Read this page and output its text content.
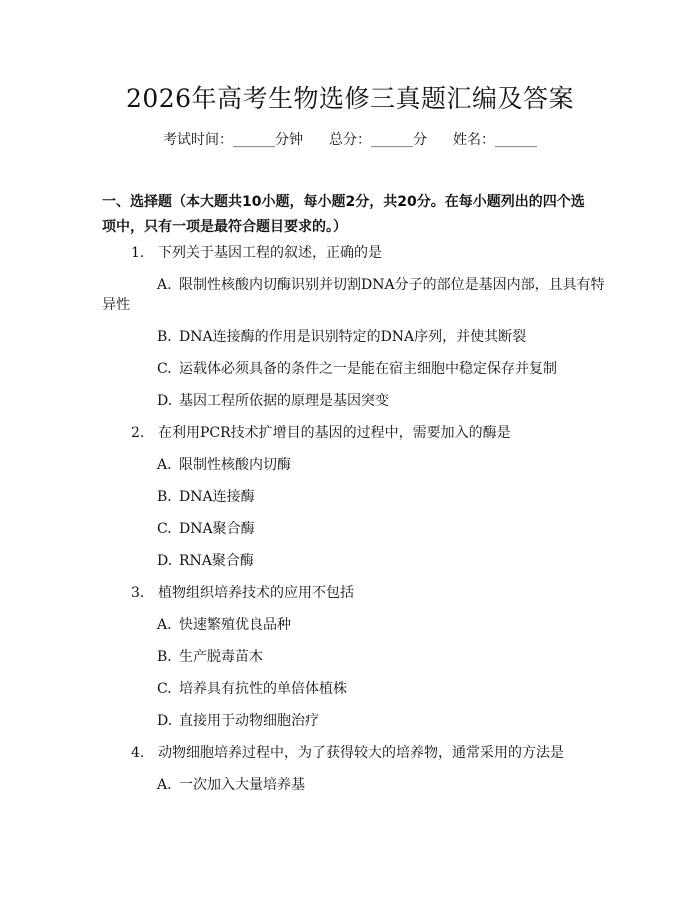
2026年高考生物选修三真题汇编及答案
考试时间：______分钟 总分：______分 姓名：______
一、选择题（本大题共10小题，每小题2分，共20分。在每小题列出的四个选
项中，只有一项是最符合题目要求的。）
1. 下列关于基因工程的叙述，正确的是
A. 限制性核酸内切酶识别并切割DNA分子的部位是基因内部，且具有特
异性
B. DNA连接酶的作用是识别特定的DNA序列，并使其断裂
C. 运载体必须具备的条件之一是能在宿主细胞中稳定保存并复制
D. 基因工程所依据的原理是基因突变
2. 在利用PCR技术扩增目的基因的过程中，需要加入的酶是
A. 限制性核酸内切酶
B. DNA连接酶
C. DNA聚合酶
D. RNA聚合酶
3. 植物组织培养技术的应用不包括
A. 快速繁殖优良品种
B. 生产脱毒苗木
C. 培养具有抗性的单倍体植株
D. 直接用于动物细胞治疗
4. 动物细胞培养过程中，为了获得较大的培养物，通常采用的方法是
A. 一次加入大量培养基
